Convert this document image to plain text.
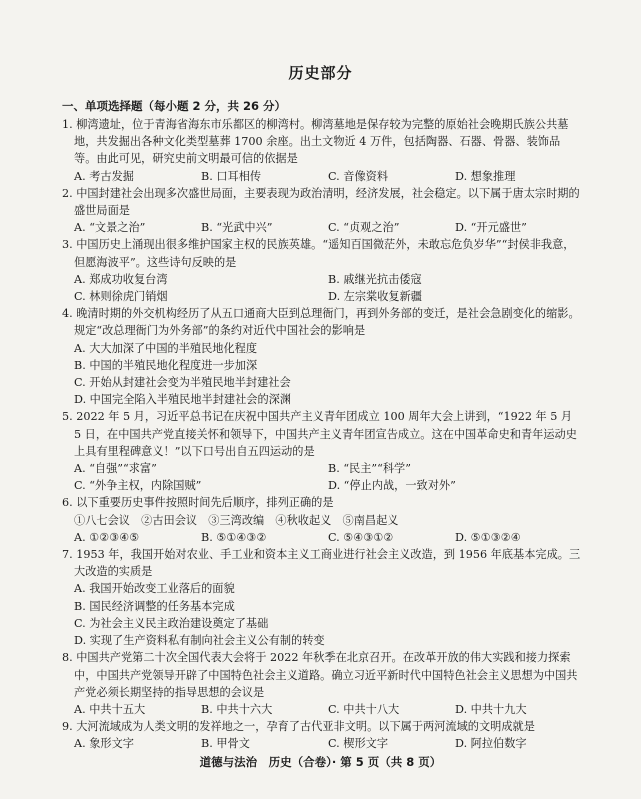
历史部分
一、单项选择题（每小题 2 分，共 26 分）

1. 柳湾遗址，位于青海省海东市乐都区的柳湾村。柳湾墓地是保存较为完整的原始社会晚期氏族公共墓地，共发掘出各种文化类型墓葬 1700 余座。出土文物近 4 万件，包括陶器、石器、骨器、装饰品等。由此可见，研究史前文明最可信的依据是

A. 考古发掘	B. 口耳相传	C. 音像资料	D. 想象推理

2. 中国封建社会出现多次盛世局面，主要表现为政治清明，经济发展，社会稳定。以下属于唐太宗时期的盛世局面是

A. “文景之治”	B. “光武中兴”	C. “贞观之治”	D. “开元盛世”

3. 中国历史上涌现出很多维护国家主权的民族英雄。“遥知百国微茫外，未敢忘危负岁华”“封侯非我意，但愿海波平”。这些诗句反映的是

A. 郑成功收复台湾	B. 戚继光抗击倭寇
C. 林则徐虎门销烟	D. 左宗棠收复新疆

4. 晚清时期的外交机构经历了从五口通商大臣到总理衙门，再到外务部的变迁，是社会急剧变化的缩影。规定“改总理衙门为外务部”的条约对近代中国社会的影响是

A. 大大加深了中国的半殖民地化程度
B. 中国的半殖民地化程度进一步加深
C. 开始从封建社会变为半殖民地半封建社会
D. 中国完全陷入半殖民地半封建社会的深渊

5. 2022 年 5 月，习近平总书记在庆祝中国共产主义青年团成立 100 周年大会上讲到，“1922 年 5 月 5 日，在中国共产党直接关怀和领导下，中国共产主义青年团宣告成立。这在中国革命史和青年运动史上具有里程碑意义！”以下口号出自五四运动的是

A. “自强”“求富”	B. “民主”“科学”
C. “外争主权，内除国贼”	D. “停止内战，一致对外”

6. 以下重要历史事件按照时间先后顺序，排列正确的是

①八七会议　②古田会议　③三湾改编　④秋收起义　⑤南昌起义

A. ①②③④⑤	B. ⑤①④③②	C. ⑤④③①②	D. ⑤①③②④

7. 1953 年，我国开始对农业、手工业和资本主义工商业进行社会主义改造，到 1956 年底基本完成。三大改造的实质是

A. 我国开始改变工业落后的面貌
B. 国民经济调整的任务基本完成
C. 为社会主义民主政治建设奠定了基础
D. 实现了生产资料私有制向社会主义公有制的转变

8. 中国共产党第二十次全国代表大会将于 2022 年秋季在北京召开。在改革开放的伟大实践和接力探索中，中国共产党领导开辟了中国特色社会主义道路。确立习近平新时代中国特色社会主义思想为中国共产党必须长期坚持的指导思想的会议是

A. 中共十五大	B. 中共十六大	C. 中共十八大	D. 中共十九大

9. 大河流域成为人类文明的发祥地之一，孕育了古代亚非文明。以下属于两河流域的文明成就是

A. 象形文字	B. 甲骨文	C. 楔形文字	D. 阿拉伯数字
道德与法治　历史（合卷）· 第 5 页（共 8 页）
